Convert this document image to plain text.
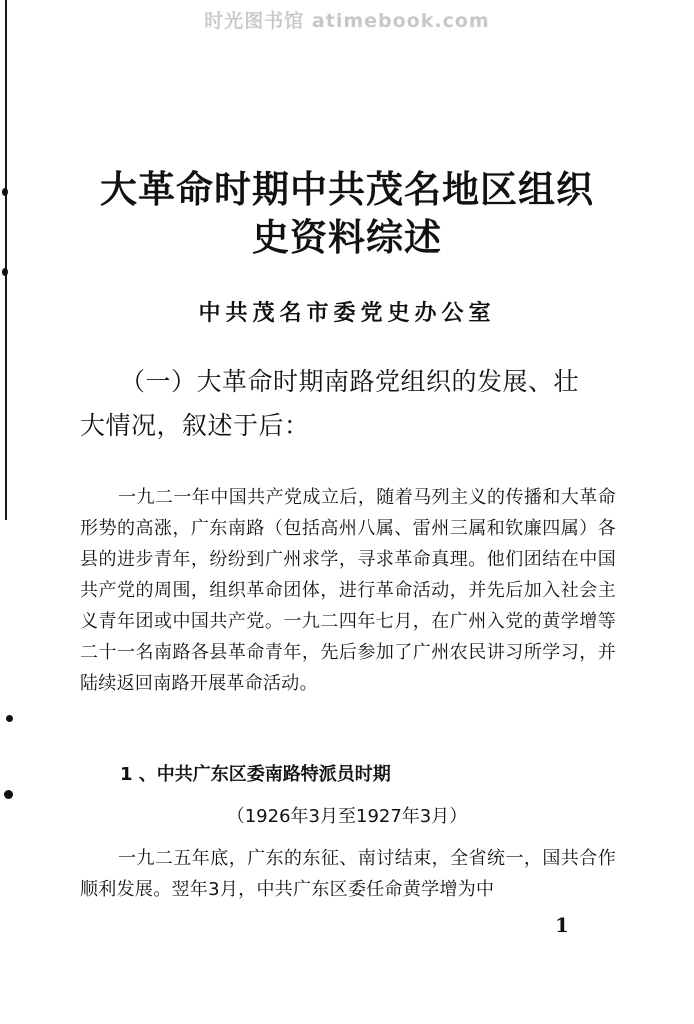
时光图书馆 atimebook.com
大革命时期中共茂名地区组织
史资料综述
中共茂名市委党史办公室
（一）大革命时期南路党组织的发展、壮
大情况，叙述于后：
一九二一年中国共产党成立后，随着马列主义的传播和大革命形势的高涨，广东南路（包括高州八属、雷州三属和钦廉四属）各县的进步青年，纷纷到广州求学，寻求革命真理。他们团结在中国共产党的周围，组织革命团体，进行革命活动，并先后加入社会主义青年团或中国共产党。一九二四年七月，在广州入党的黄学增等二十一名南路各县革命青年，先后参加了广州农民讲习所学习，并陆续返回南路开展革命活动。
1 、中共广东区委南路特派员时期
（1926年3月至1927年3月）
一九二五年底，广东的东征、南讨结束，全省统一，国共合作顺利发展。翌年3月，中共广东区委任命黄学增为中
1
